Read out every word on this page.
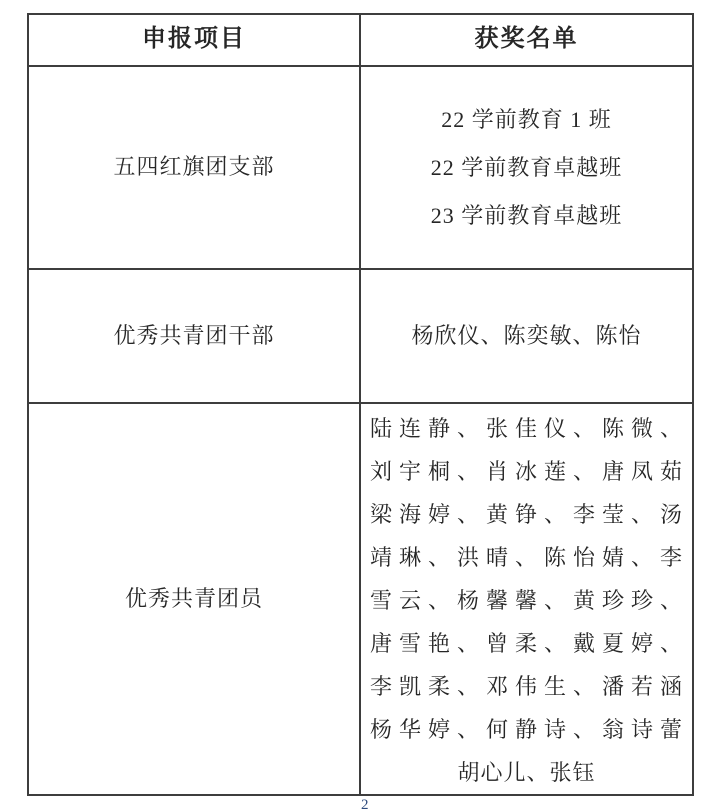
申报项目	获奖名单
五四红旗团支部
22 学前教育 1 班
22 学前教育卓越班
23 学前教育卓越班
优秀共青团干部	杨欣仪、陈奕敏、陈怡
优秀共青团员
陆连静、张佳仪、陈微、
刘宇桐、肖冰莲、唐凤茹
梁海婷、黄铮、李莹、汤
靖琳、洪晴、陈怡婧、李
雪云、杨馨馨、黄珍珍、
唐雪艳、曾柔、戴夏婷、
李凯柔、邓伟生、潘若涵
杨华婷、何静诗、翁诗蕾
胡心儿、张钰
2
